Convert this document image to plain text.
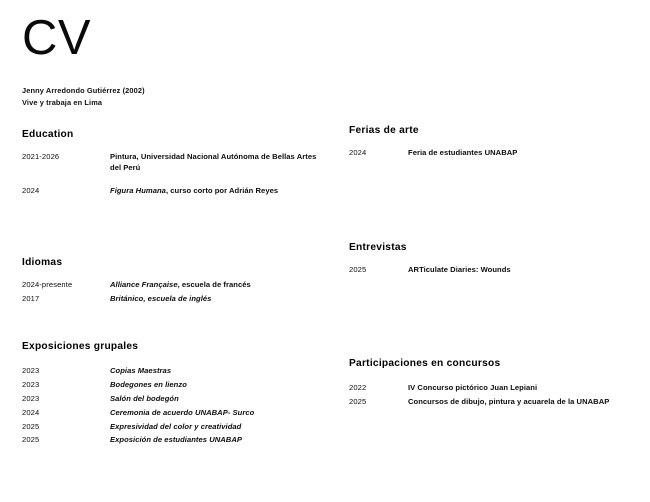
CV
Jenny Arredondo Gutiérrez (2002)
Vive y trabaja en Lima
Education
2021-2026	Pintura, Universidad Nacional Autónoma de Bellas Artes del Perú
2024	Figura Humana, curso corto por Adrián Reyes
Idiomas
2024-presente	Alliance Française, escuela de francés
2017	Británico, escuela de inglés
Exposiciones grupales
2023	Copias Maestras
2023	Bodegones en lienzo
2023	Salón del bodegón
2024	Ceremonia de acuerdo UNABAP- Surco
2025	Expresividad del color y creatividad
2025	Exposición de estudiantes UNABAP
Ferias de arte
2024	Feria de estudiantes UNABAP
Entrevistas
2025	ARTiculate Diaries: Wounds
Participaciones en concursos
2022	IV Concurso pictórico Juan Lepiani
2025	Concursos de dibujo, pintura y acuarela de la UNABAP
